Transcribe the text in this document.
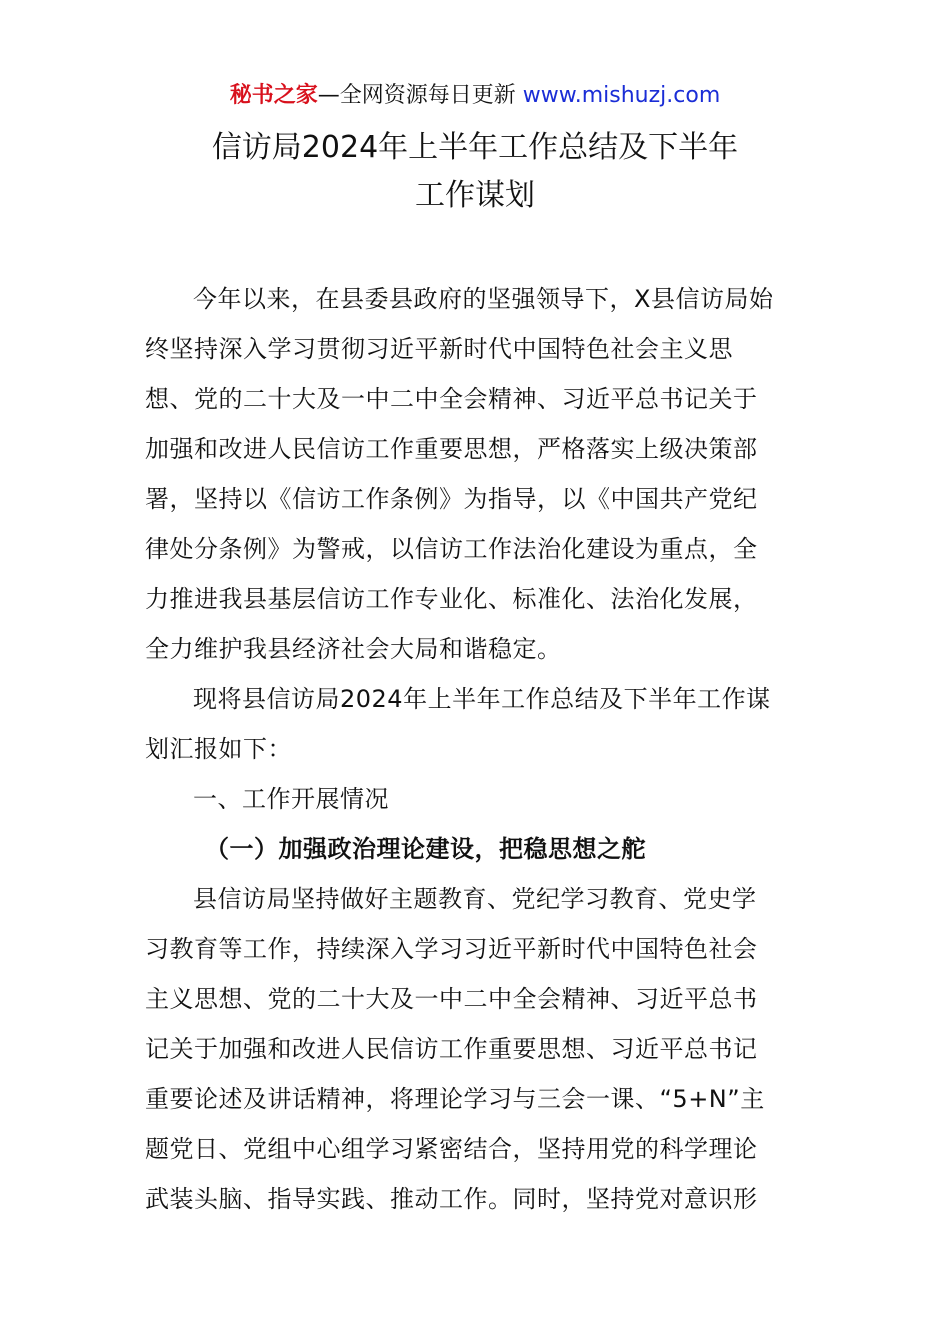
秘书之家—全网资源每日更新 www.mishuzj.com
信访局2024年上半年工作总结及下半年
工作谋划
今年以来，在县委县政府的坚强领导下，X县信访局始
终坚持深入学习贯彻习近平新时代中国特色社会主义思
想、党的二十大及一中二中全会精神、习近平总书记关于
加强和改进人民信访工作重要思想，严格落实上级决策部
署，坚持以《信访工作条例》为指导，以《中国共产党纪
律处分条例》为警戒，以信访工作法治化建设为重点，全
力推进我县基层信访工作专业化、标准化、法治化发展，
全力维护我县经济社会大局和谐稳定。
现将县信访局2024年上半年工作总结及下半年工作谋
划汇报如下：
一、工作开展情况
（一）加强政治理论建设，把稳思想之舵
县信访局坚持做好主题教育、党纪学习教育、党史学
习教育等工作，持续深入学习习近平新时代中国特色社会
主义思想、党的二十大及一中二中全会精神、习近平总书
记关于加强和改进人民信访工作重要思想、习近平总书记
重要论述及讲话精神，将理论学习与三会一课、“5+N”主
题党日、党组中心组学习紧密结合，坚持用党的科学理论
武装头脑、指导实践、推动工作。同时，坚持党对意识形
